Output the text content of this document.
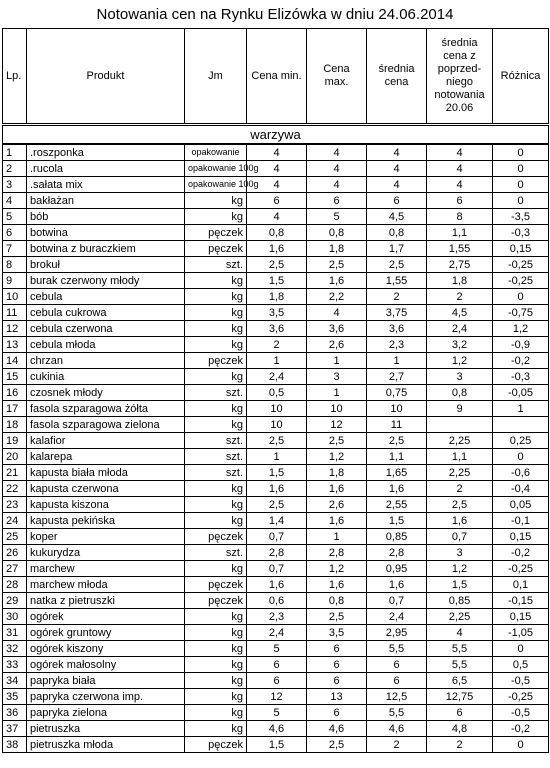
Notowania cen na Rynku Elizówka w dniu 24.06.2014
Lp.	Produkt	Jm	Cena min.	Cena max.	średnia cena	średnia cena z poprzed-niego notowania 20.06	Różnica
warzywa							
1	.roszponka	opakowanie	4	4	4	4	0
2	.rucola	opakowanie 100g	4	4	4	4	0
3	.sałata mix	opakowanie 100g	4	4	4	4	0
4	bakłażan	kg	6	6	6	6	0
5	bób	kg	4	5	4,5	8	-3,5
6	botwina	pęczek	0,8	0,8	0,8	1,1	-0,3
7	botwina z buraczkiem	pęczek	1,6	1,8	1,7	1,55	0,15
8	brokuł	szt.	2,5	2,5	2,5	2,75	-0,25
9	burak czerwony młody	kg	1,5	1,6	1,55	1,8	-0,25
10	cebula	kg	1,8	2,2	2	2	0
11	cebula cukrowa	kg	3,5	4	3,75	4,5	-0,75
12	cebula czerwona	kg	3,6	3,6	3,6	2,4	1,2
13	cebula młoda	kg	2	2,6	2,3	3,2	-0,9
14	chrzan	pęczek	1	1	1	1,2	-0,2
15	cukinia	kg	2,4	3	2,7	3	-0,3
16	czosnek młody	szt.	0,5	1	0,75	0,8	-0,05
17	fasola szparagowa żółta	kg	10	10	10	9	1
18	fasola szparagowa zielona	kg	10	12	11		
19	kalafior	szt.	2,5	2,5	2,5	2,25	0,25
20	kalarepa	szt.	1	1,2	1,1	1,1	0
21	kapusta biała młoda	szt.	1,5	1,8	1,65	2,25	-0,6
22	kapusta czerwona	kg	1,6	1,6	1,6	2	-0,4
23	kapusta kiszona	kg	2,5	2,6	2,55	2,5	0,05
24	kapusta pekińska	kg	1,4	1,6	1,5	1,6	-0,1
25	koper	pęczek	0,7	1	0,85	0,7	0,15
26	kukurydza	szt.	2,8	2,8	2,8	3	-0,2
27	marchew	kg	0,7	1,2	0,95	1,2	-0,25
28	marchew młoda	pęczek	1,6	1,6	1,6	1,5	0,1
29	natka z pietruszki	pęczek	0,6	0,8	0,7	0,85	-0,15
30	ogórek	kg	2,3	2,5	2,4	2,25	0,15
31	ogórek gruntowy	kg	2,4	3,5	2,95	4	-1,05
32	ogórek kiszony	kg	5	6	5,5	5,5	0
33	ogórek małosolny	kg	6	6	6	5,5	0,5
34	papryka biała	kg	6	6	6	6,5	-0,5
35	papryka czerwona imp.	kg	12	13	12,5	12,75	-0,25
36	papryka zielona	kg	5	6	5,5	6	-0,5
37	pietruszka	kg	4,6	4,6	4,6	4,8	-0,2
38	pietruszka młoda	pęczek	1,5	2,5	2	2	0
